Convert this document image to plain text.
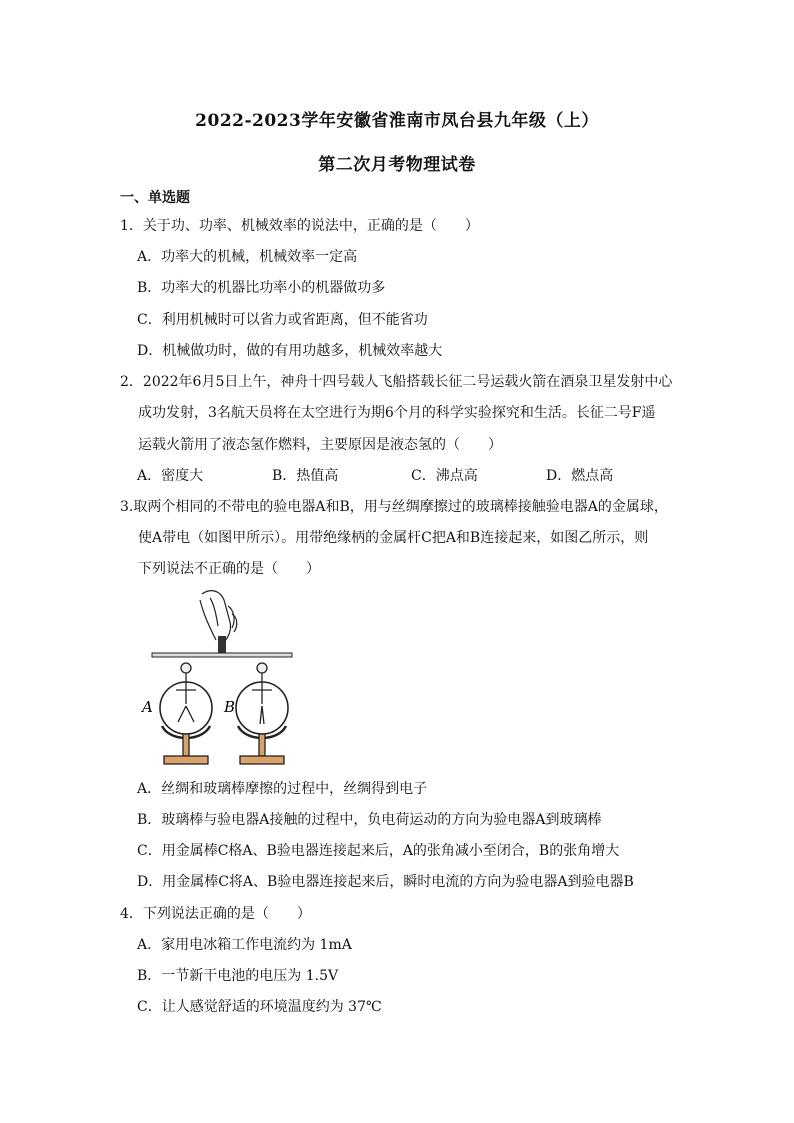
2022-2023学年安徽省淮南市凤台县九年级（上）
第二次月考物理试卷
一、单选题
1．关于功、功率、机械效率的说法中，正确的是（　　）
A．功率大的机械，机械效率一定高
B．功率大的机器比功率小的机器做功多
C．利用机械时可以省力或省距离，但不能省功
D．机械做功时，做的有用功越多，机械效率越大
2．2022年6月5日上午，神舟十四号载人飞船搭载长征二号运载火箭在酒泉卫星发射中心
成功发射，3名航天员将在太空进行为期6个月的科学实验探究和生活。长征二号F遥
运载火箭用了液态氢作燃料，主要原因是液态氢的（　　）
A．密度大	B．热值高	C．沸点高	D．燃点高
3.取两个相同的不带电的验电器A和B，用与丝绸摩擦过的玻璃棒接触验电器A的金属球，
使A带电（如图甲所示）。用带绝缘柄的金属杆C把A和B连接起来，如图乙所示，则
下列说法不正确的是（　　）
A	B
A．丝绸和玻璃棒摩擦的过程中，丝绸得到电子
B．玻璃棒与验电器A接触的过程中，负电荷运动的方向为验电器A到玻璃棒
C．用金属棒C格A、B验电器连接起来后，A的张角减小至闭合，B的张角增大
D．用金属棒C将A、B验电器连接起来后，瞬时电流的方向为验电器A到验电器B
4．下列说法正确的是（　　）
A．家用电冰箱工作电流约为 1mA
B．一节新干电池的电压为 1.5V
C．让人感觉舒适的环境温度约为 37℃
